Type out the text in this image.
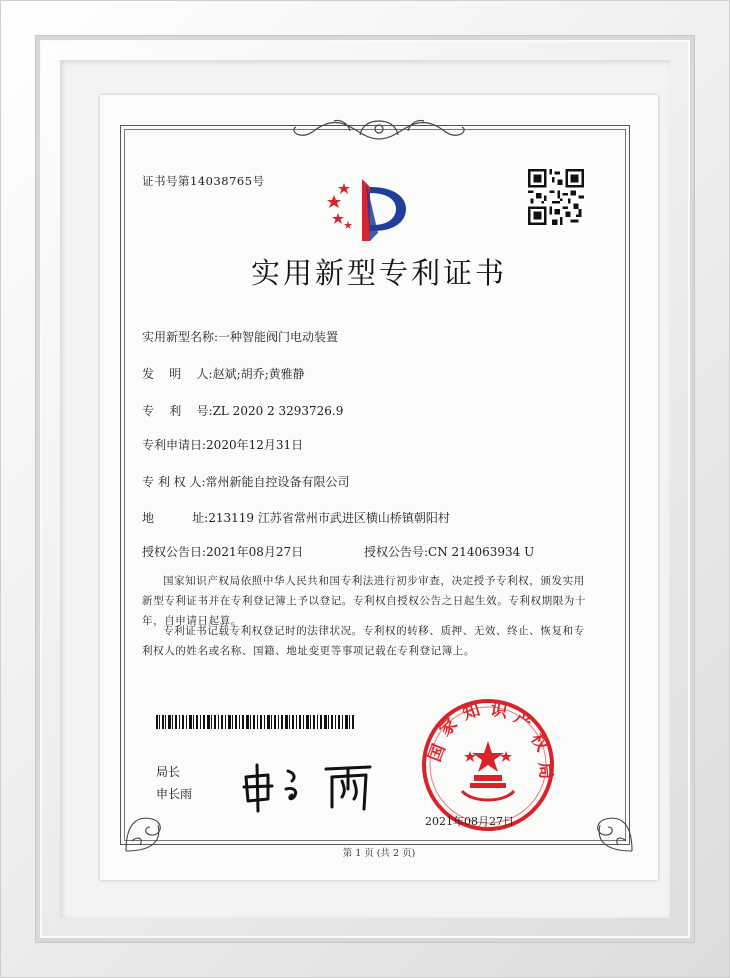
证书号第14038765号
实用新型专利证书
实用新型名称:一种智能阀门电动装置
发    明    人:赵斌;胡乔;黄雅静
专    利    号:ZL 2020 2 3293726.9
专利申请日:2020年12月31日
专 利 权 人:常州新能自控设备有限公司
地          址:213119 江苏省常州市武进区横山桥镇朝阳村
授权公告日:2021年08月27日	授权公告号:CN 214063934 U
国家知识产权局依照中华人民共和国专利法进行初步审查，决定授予专利权，颁发实用新型专利证书并在专利登记簿上予以登记。专利权自授权公告之日起生效。专利权期限为十年，自申请日起算。
专利证书记载专利权登记时的法律状况。专利权的转移、质押、无效、终止、恢复和专利权人的姓名或名称、国籍、地址变更等事项记载在专利登记簿上。
局长
申长雨
国
家
知 识 产
权
局
2021年08月27日
第 1 页 (共 2 页)
